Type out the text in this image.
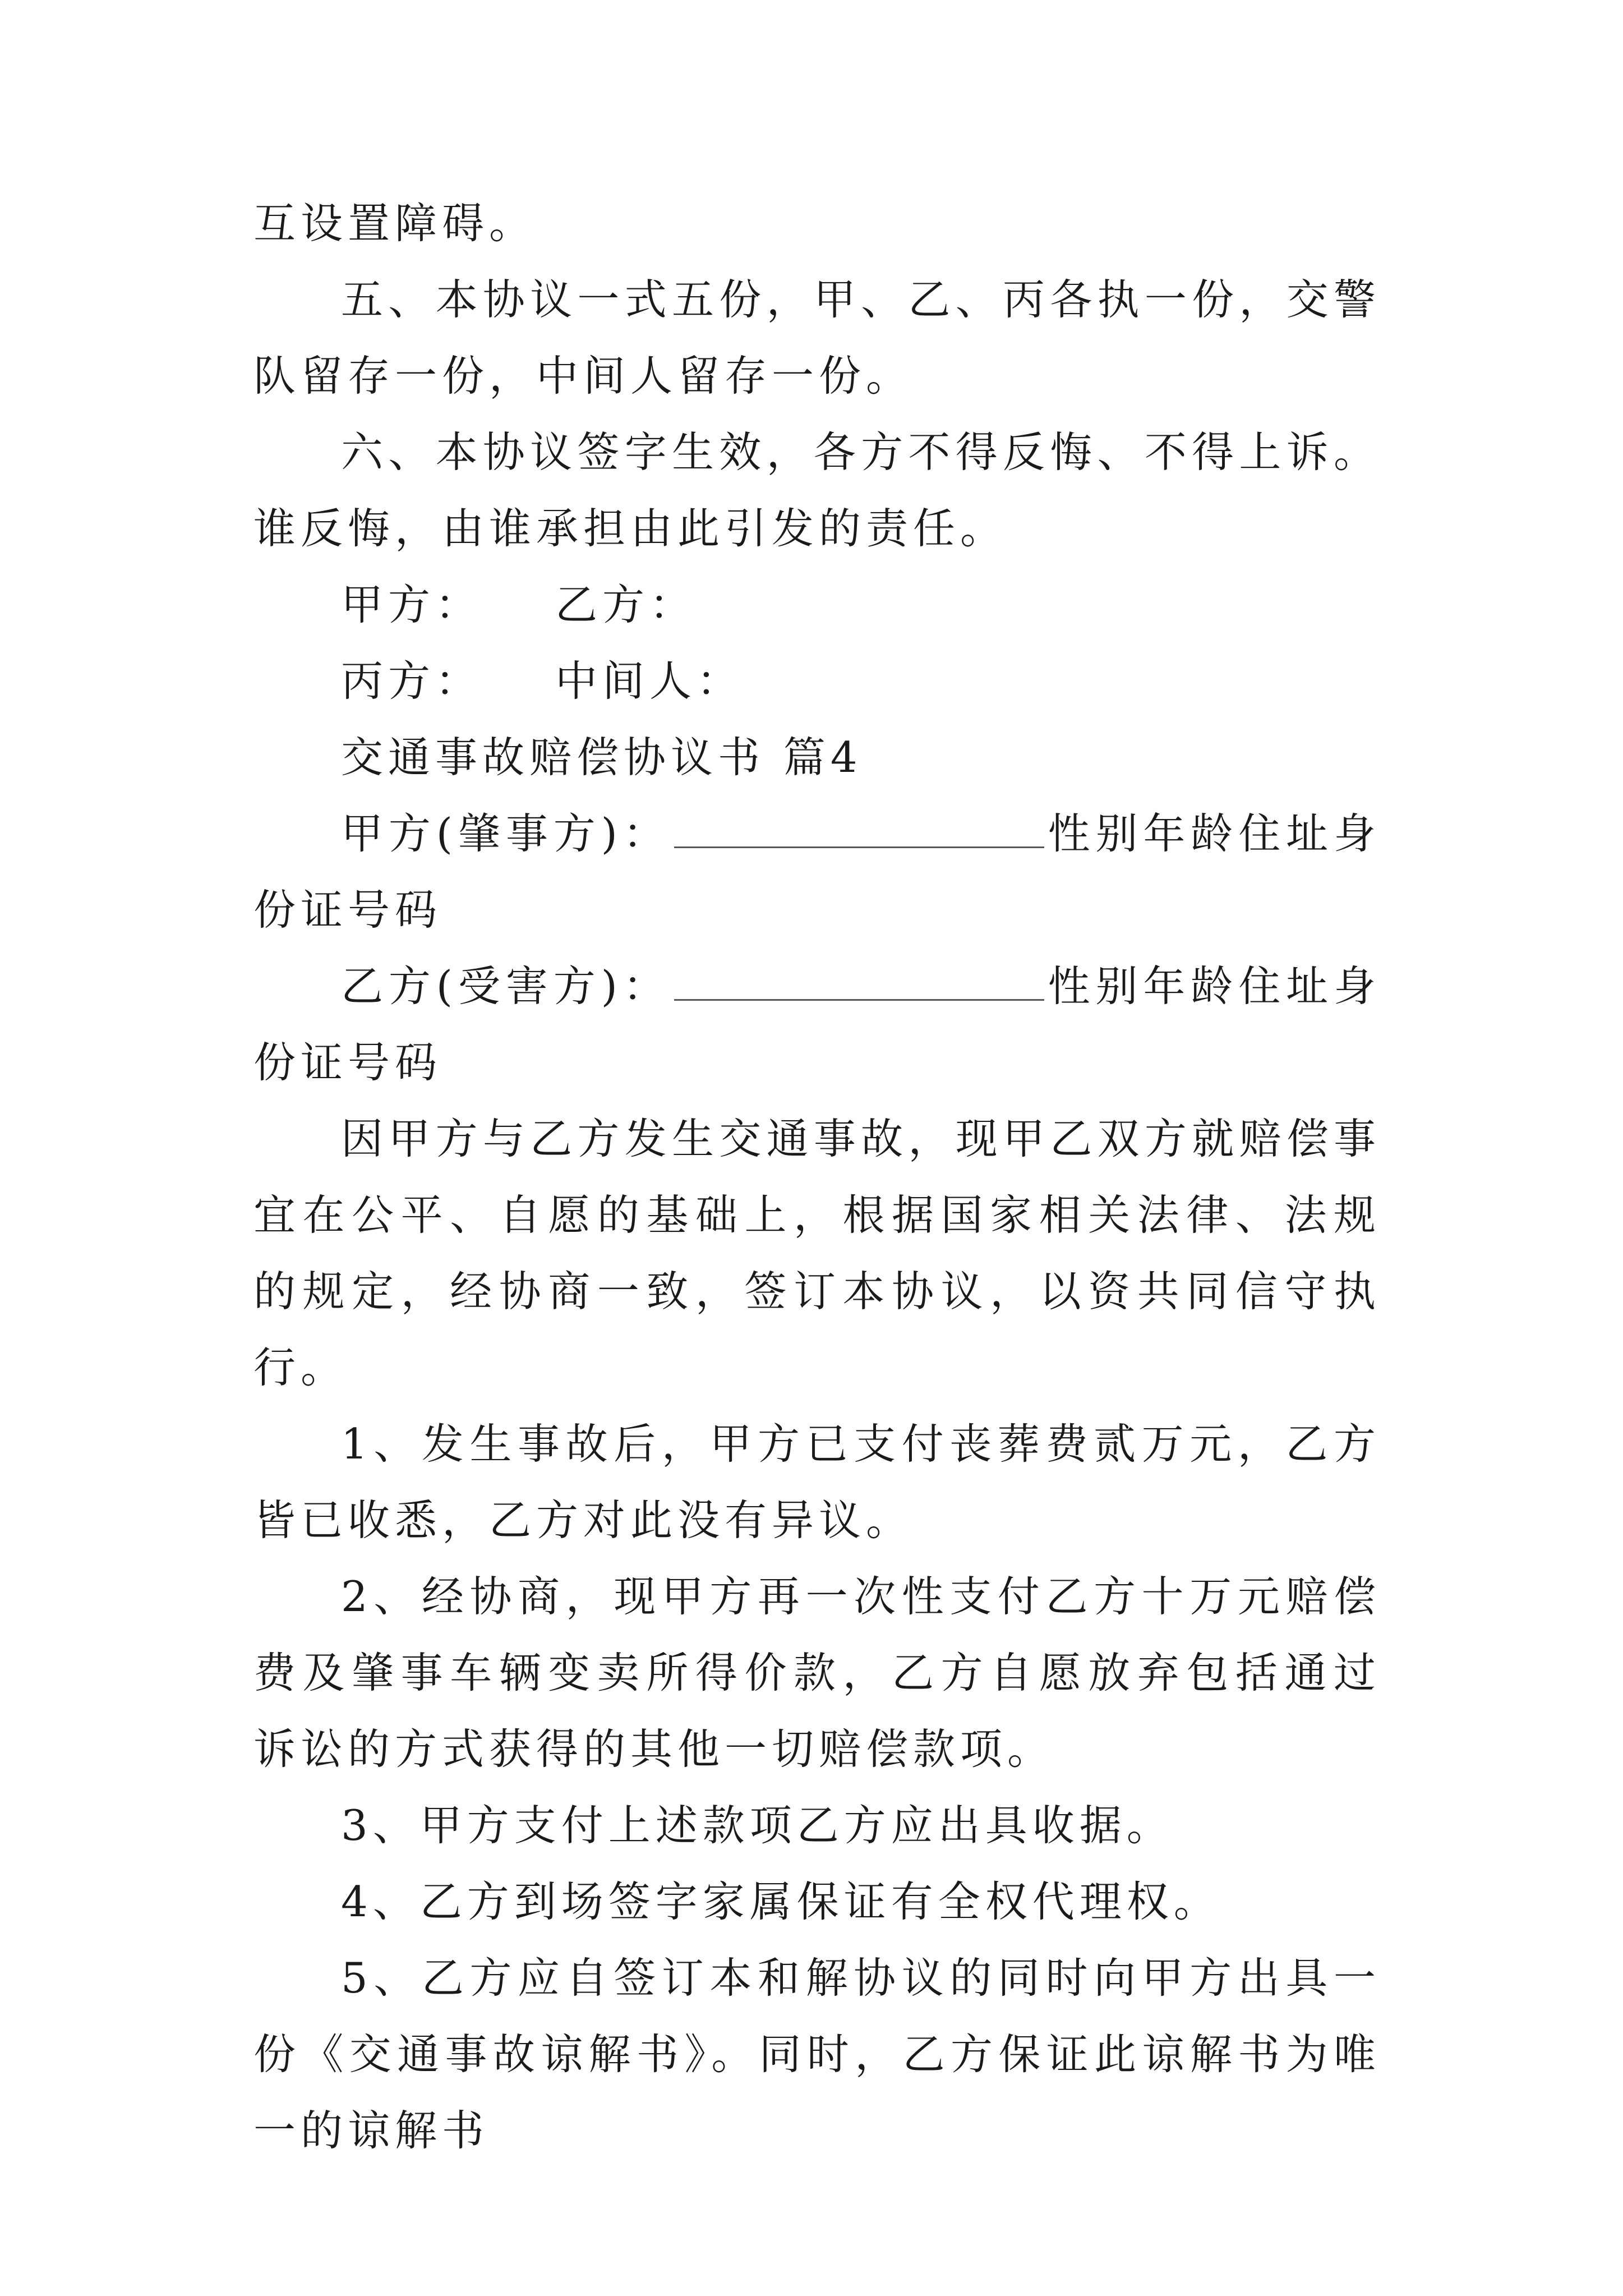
互设置障碍。

五、本协议一式五份，甲、乙、丙各执一份，交警队留存一份，中间人留存一份。

六、本协议签字生效，各方不得反悔、不得上诉。谁反悔，由谁承担由此引发的责任。

甲方： 乙方：

丙方： 中间人：

交通事故赔偿协议书 篇4

甲方(肇事方)：	性别年龄住址身份证号码

乙方(受害方)：	性别年龄住址身份证号码

因甲方与乙方发生交通事故，现甲乙双方就赔偿事宜在公平、自愿的基础上，根据国家相关法律、法规的规定，经协商一致，签订本协议，以资共同信守执行。

1、发生事故后，甲方已支付丧葬费贰万元，乙方皆已收悉，乙方对此没有异议。

2、经协商，现甲方再一次性支付乙方十万元赔偿费及肇事车辆变卖所得价款，乙方自愿放弃包括通过诉讼的方式获得的其他一切赔偿款项。

3、甲方支付上述款项乙方应出具收据。

4、乙方到场签字家属保证有全权代理权。

5、乙方应自签订本和解协议的同时向甲方出具一份《交通事故谅解书》。同时，乙方保证此谅解书为唯一的谅解书
